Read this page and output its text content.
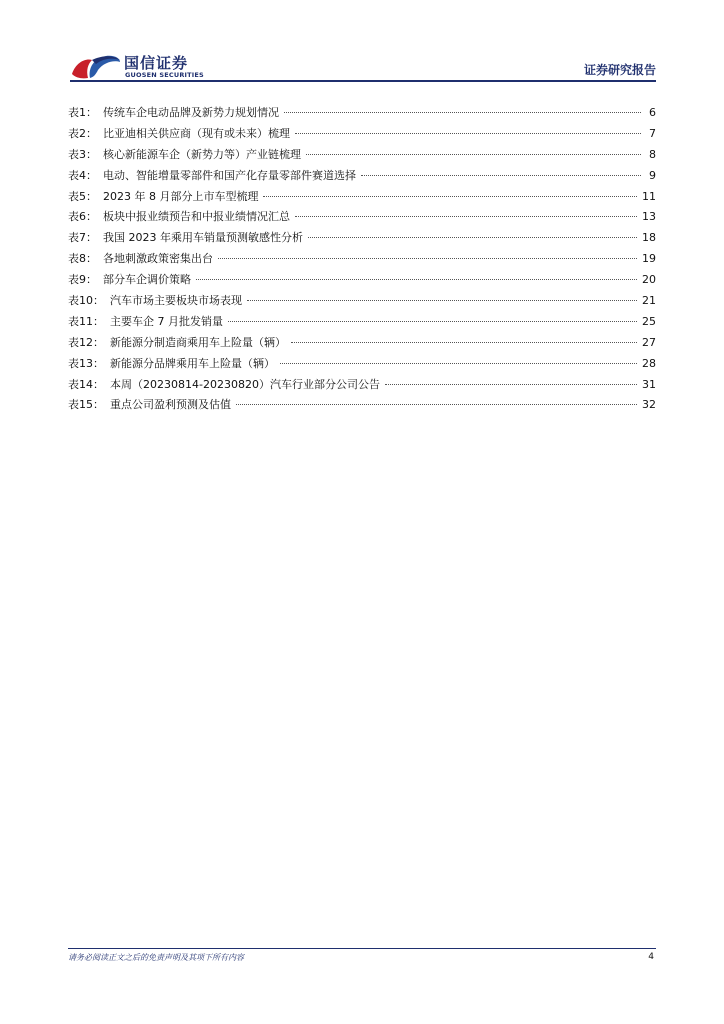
国信证券
GUOSEN SECURITIES	证券研究报告
表1： 传统车企电动品牌及新势力规划情况	6
表2： 比亚迪相关供应商（现有或未来）梳理	7
表3： 核心新能源车企（新势力等）产业链梳理	8
表4： 电动、智能增量零部件和国产化存量零部件赛道选择	9
表5： 2023 年 8 月部分上市车型梳理	11
表6： 板块中报业绩预告和中报业绩情况汇总	13
表7： 我国 2023 年乘用车销量预测敏感性分析	18
表8： 各地刺激政策密集出台	19
表9： 部分车企调价策略	20
表10： 汽车市场主要板块市场表现	21
表11： 主要车企 7 月批发销量	25
表12： 新能源分制造商乘用车上险量（辆）	27
表13： 新能源分品牌乘用车上险量（辆）	28
表14： 本周（20230814-20230820）汽车行业部分公司公告	31
表15： 重点公司盈利预测及估值	32
请务必阅读正文之后的免责声明及其项下所有内容	4
